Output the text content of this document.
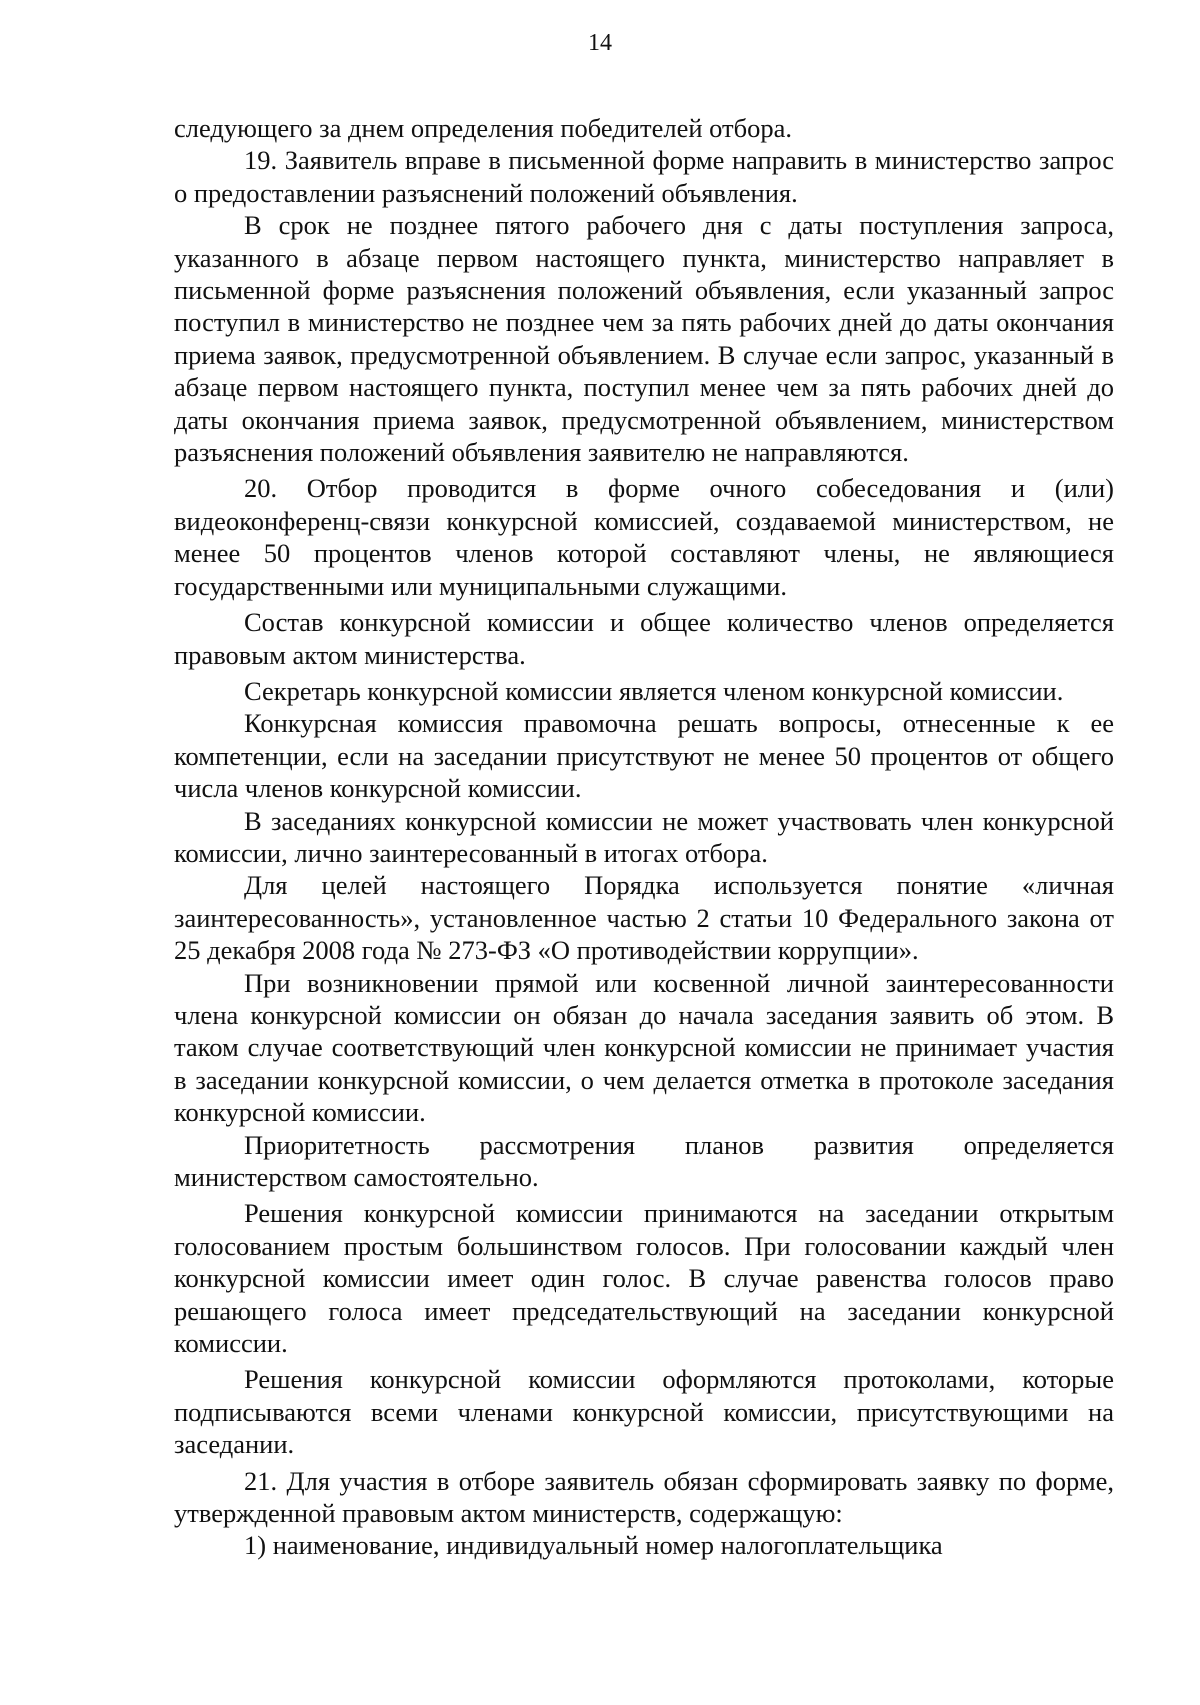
14

следующего за днем определения победителей отбора.

19. Заявитель вправе в письменной форме направить в министерство запрос о предоставлении разъяснений положений объявления.

В срок не позднее пятого рабочего дня с даты поступления запроса, указанного в абзаце первом настоящего пункта, министерство направляет в письменной форме разъяснения положений объявления, если указанный запрос поступил в министерство не позднее чем за пять рабочих дней до даты окончания приема заявок, предусмотренной объявлением. В случае если запрос, указанный в абзаце первом настоящего пункта, поступил менее чем за пять рабочих дней до даты окончания приема заявок, предусмотренной объявлением, министерством разъяснения положений объявления заявителю не направляются.

20. Отбор проводится в форме очного собеседования и (или) видеоконференц-связи конкурсной комиссией, создаваемой министерством, не менее 50 процентов членов которой составляют члены, не являющиеся государственными или муниципальными служащими.

Состав конкурсной комиссии и общее количество членов определяется правовым актом министерства.

Секретарь конкурсной комиссии является членом конкурсной комиссии.

Конкурсная комиссия правомочна решать вопросы, отнесенные к ее компетенции, если на заседании присутствуют не менее 50 процентов от общего числа членов конкурсной комиссии.

В заседаниях конкурсной комиссии не может участвовать член конкурсной комиссии, лично заинтересованный в итогах отбора.

Для целей настоящего Порядка используется понятие «личная заинтересованность», установленное частью 2 статьи 10 Федерального закона от 25 декабря 2008 года № 273-ФЗ «О противодействии коррупции».

При возникновении прямой или косвенной личной заинтересованности члена конкурсной комиссии он обязан до начала заседания заявить об этом. В таком случае соответствующий член конкурсной комиссии не принимает участия в заседании конкурсной комиссии, о чем делается отметка в протоколе заседания конкурсной комиссии.

Приоритетность рассмотрения планов развития определяется министерством самостоятельно.

Решения конкурсной комиссии принимаются на заседании открытым голосованием простым большинством голосов. При голосовании каждый член конкурсной комиссии имеет один голос. В случае равенства голосов право решающего голоса имеет председательствующий на заседании конкурсной комиссии.

Решения конкурсной комиссии оформляются протоколами, которые подписываются всеми членами конкурсной комиссии, присутствующими на заседании.

21. Для участия в отборе заявитель обязан сформировать заявку по форме, утвержденной правовым актом министерств, содержащую:

1) наименование, индивидуальный номер налогоплательщика
